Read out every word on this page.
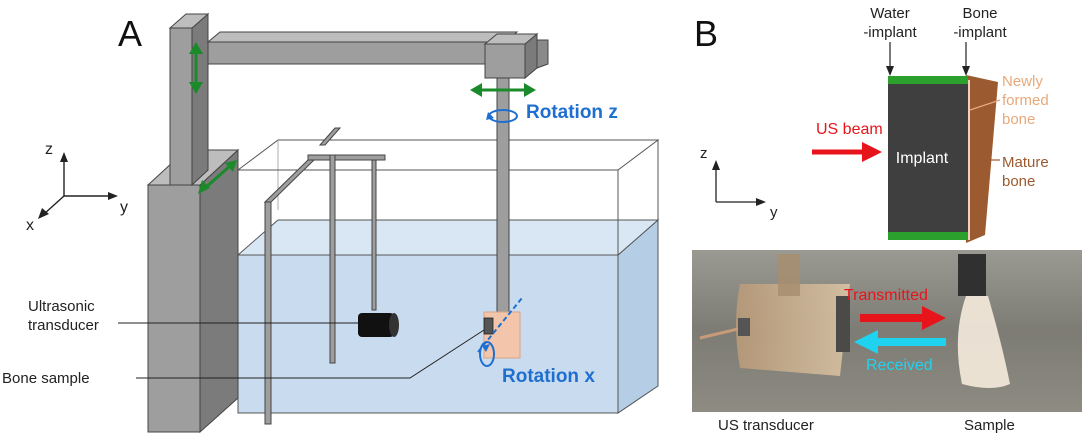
A
Rotation z
Rotation x
z
y
x
Ultrasonic
transducer
Bone sample
B	Water
-implant
Bone
-implant
Implant
Newly
formed
bone
Mature
bone
US beam
z
y
Transmitted
Received
US transducer	Sample
